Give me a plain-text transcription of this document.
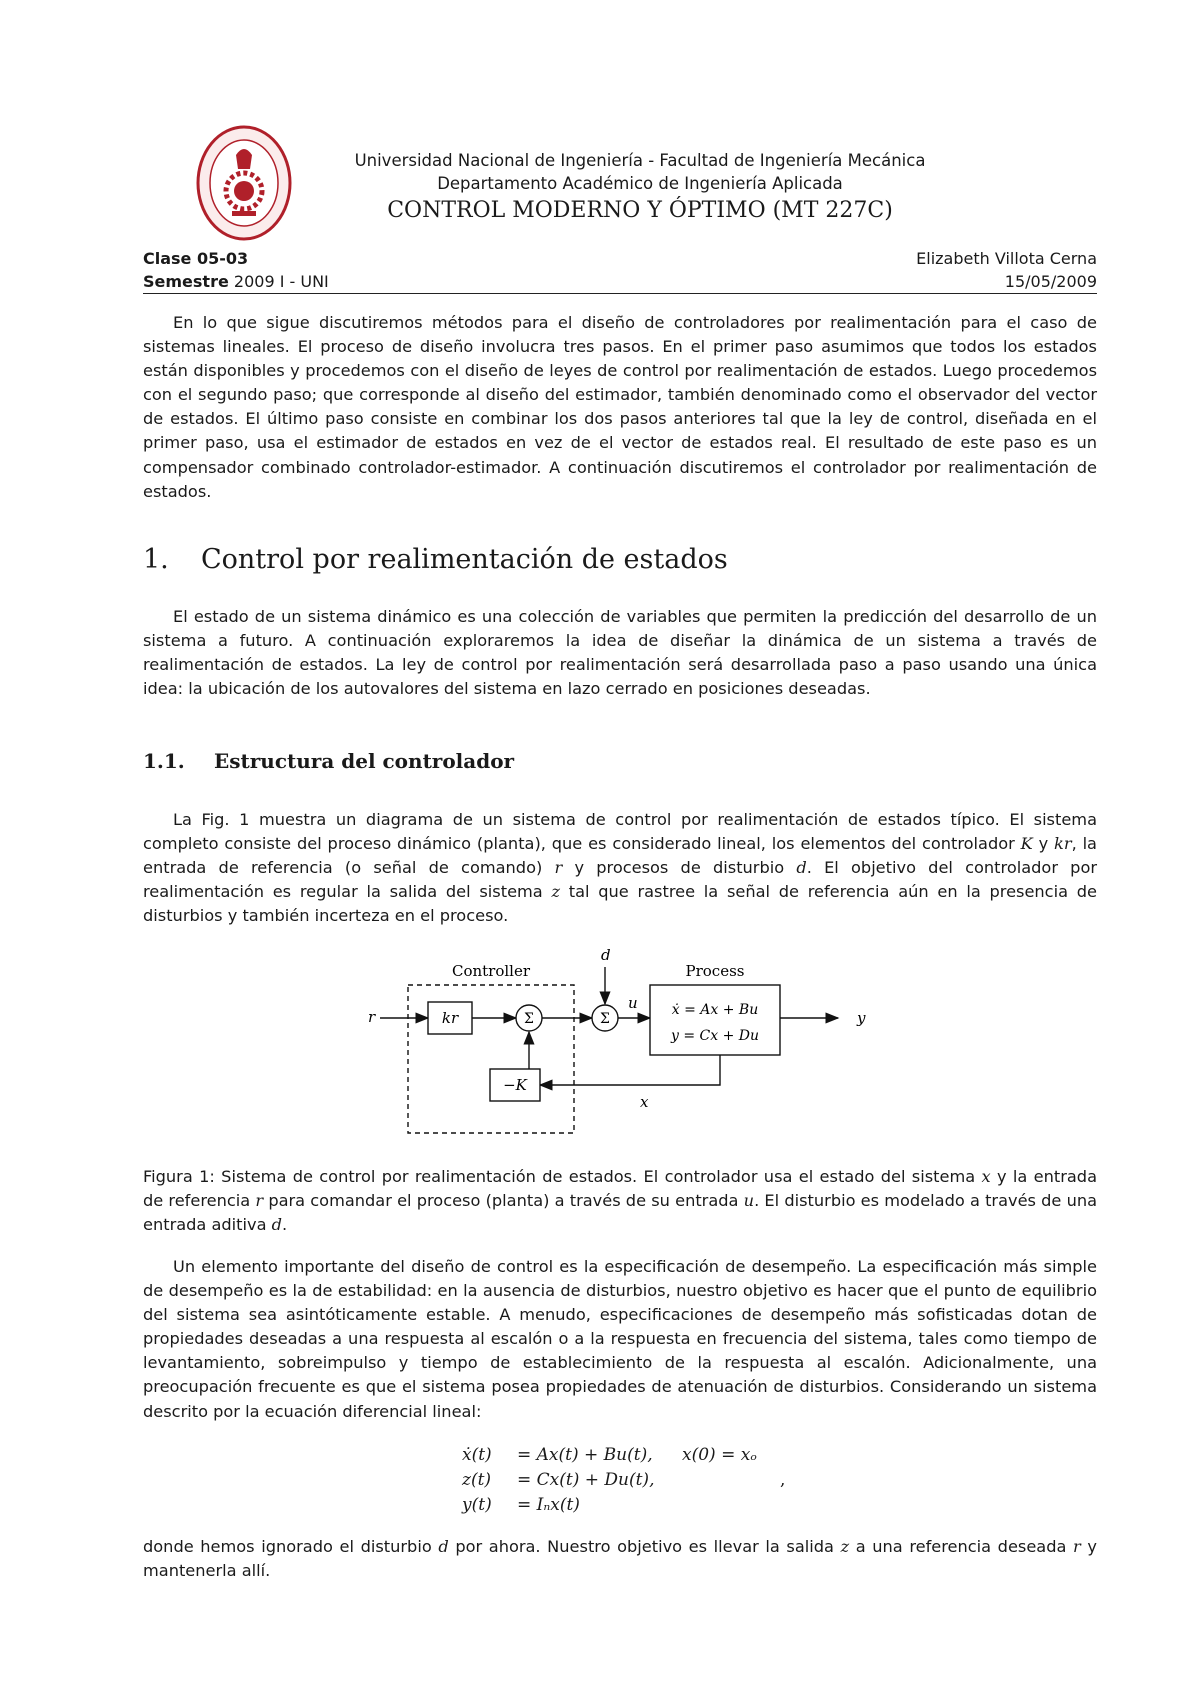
Universidad Nacional de Ingeniería - Facultad de Ingeniería Mecánica
Departamento Académico de Ingeniería Aplicada
CONTROL MODERNO Y ÓPTIMO (MT 227C)
Clase 05-03	Elizabeth Villota Cerna
Semestre 2009 I - UNI	15/05/2009
En lo que sigue discutiremos métodos para el diseño de controladores por realimentación para el caso de sistemas lineales. El proceso de diseño involucra tres pasos. En el primer paso asumimos que todos los estados están disponibles y procedemos con el diseño de leyes de control por realimentación de estados. Luego procedemos con el segundo paso; que corresponde al diseño del estimador, también denominado como el observador del vector de estados. El último paso consiste en combinar los dos pasos anteriores tal que la ley de control, diseñada en el primer paso, usa el estimador de estados en vez de el vector de estados real. El resultado de este paso es un compensador combinado controlador-estimador. A continuación discutiremos el controlador por realimentación de estados.
1. Control por realimentación de estados
El estado de un sistema dinámico es una colección de variables que permiten la predicción del desarrollo de un sistema a futuro. A continuación exploraremos la idea de diseñar la dinámica de un sistema a través de realimentación de estados. La ley de control por realimentación será desarrollada paso a paso usando una única idea: la ubicación de los autovalores del sistema en lazo cerrado en posiciones deseadas.
1.1. Estructura del controlador
La Fig. 1 muestra un diagrama de un sistema de control por realimentación de estados típico. El sistema completo consiste del proceso dinámico (planta), que es considerado lineal, los elementos del controlador K y kr, la entrada de referencia (o señal de comando) r y procesos de disturbio d. El objetivo del controlador por realimentación es regular la salida del sistema z tal que rastree la señal de referencia aún en la presencia de disturbios y también incerteza en el proceso.
Controller	Process
r	kr	Σ	Σ
d
u ẋ = Ax + Bu
y = Cx + Du
y
x
−K
Figura 1: Sistema de control por realimentación de estados. El controlador usa el estado del sistema x y la entrada de referencia r para comandar el proceso (planta) a través de su entrada u. El disturbio es modelado a través de una entrada aditiva d.
Un elemento importante del diseño de control es la especificación de desempeño. La especificación más simple de desempeño es la de estabilidad: en la ausencia de disturbios, nuestro objetivo es hacer que el punto de equilibrio del sistema sea asintóticamente estable. A menudo, especificaciones de desempeño más sofisticadas dotan de propiedades deseadas a una respuesta al escalón o a la respuesta en frecuencia del sistema, tales como tiempo de levantamiento, sobreimpulso y tiempo de establecimiento de la respuesta al escalón. Adicionalmente, una preocupación frecuente es que el sistema posea propiedades de atenuación de disturbios. Considerando un sistema descrito por la ecuación diferencial lineal:
ẋ(t) = Ax(t) + Bu(t), x(0) = xₒ
z(t) = Cx(t) + Du(t),	,
y(t) = Iₙx(t)
donde hemos ignorado el disturbio d por ahora. Nuestro objetivo es llevar la salida z a una referencia deseada r y mantenerla allí.
